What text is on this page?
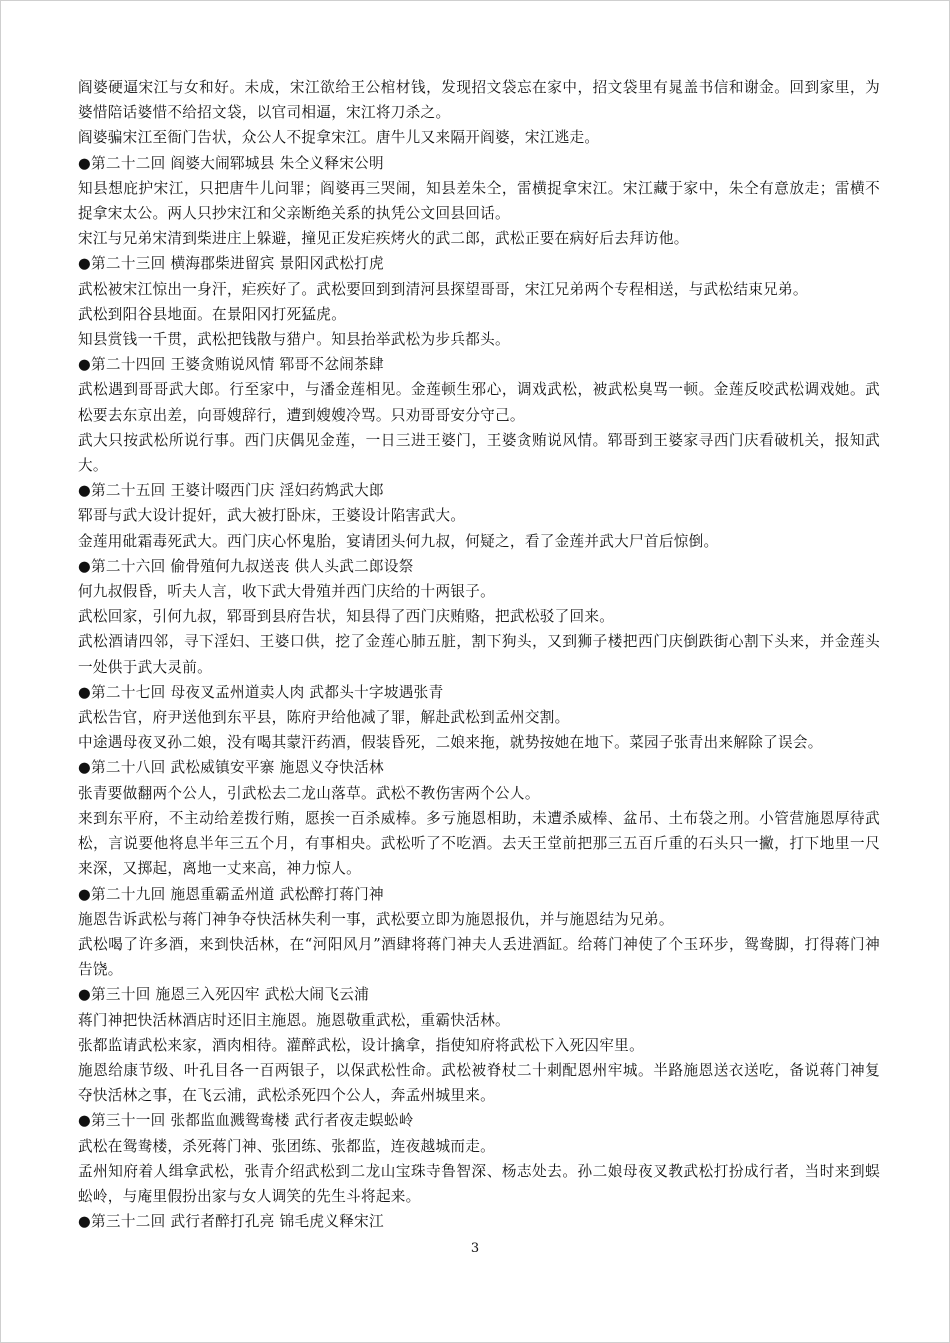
阎婆硬逼宋江与女和好。未成，宋江欲给王公棺材钱，发现招文袋忘在家中，招文袋里有晁盖书信和谢金。回到家里，为婆惜陪话婆惜不给招文袋，以官司相逼，宋江将刀杀之。

阎婆骗宋江至衙门告状，众公人不捉拿宋江。唐牛儿又来隔开阎婆，宋江逃走。

●第二十二回 阎婆大闹郓城县 朱仝义释宋公明

知县想庇护宋江，只把唐牛儿问罪；阎婆再三哭闹，知县差朱仝，雷横捉拿宋江。宋江藏于家中，朱仝有意放走；雷横不捉拿宋太公。两人只抄宋江和父亲断绝关系的执凭公文回县回话。

宋江与兄弟宋清到柴进庄上躲避，撞见正发疟疾烤火的武二郎，武松正要在病好后去拜访他。

●第二十三回 横海郡柴进留宾 景阳冈武松打虎

武松被宋江惊出一身汗，疟疾好了。武松要回到到清河县探望哥哥，宋江兄弟两个专程相送，与武松结束兄弟。

武松到阳谷县地面。在景阳冈打死猛虎。

知县赏钱一千贯，武松把钱散与猎户。知县抬举武松为步兵都头。

●第二十四回 王婆贪贿说风情 郓哥不忿闹茶肆

武松遇到哥哥武大郎。行至家中，与潘金莲相见。金莲顿生邪心，调戏武松，被武松臭骂一顿。金莲反咬武松调戏她。武松要去东京出差，向哥嫂辞行，遭到嫂嫂冷骂。只劝哥哥安分守己。

武大只按武松所说行事。西门庆偶见金莲，一日三进王婆门，王婆贪贿说风情。郓哥到王婆家寻西门庆看破机关，报知武大。

●第二十五回 王婆计啜西门庆 淫妇药鸩武大郎

郓哥与武大设计捉奸，武大被打卧床，王婆设计陷害武大。

金莲用砒霜毒死武大。西门庆心怀鬼胎，宴请团头何九叔，何疑之，看了金莲并武大尸首后惊倒。

●第二十六回 偷骨殖何九叔送丧 供人头武二郎设祭

何九叔假昏，听夫人言，收下武大骨殖并西门庆给的十两银子。

武松回家，引何九叔，郓哥到县府告状，知县得了西门庆贿赂，把武松驳了回来。

武松酒请四邻，寻下淫妇、王婆口供，挖了金莲心肺五脏，割下狗头，又到狮子楼把西门庆倒跌街心割下头来，并金莲头一处供于武大灵前。

●第二十七回 母夜叉孟州道卖人肉 武都头十字坡遇张青

武松告官，府尹送他到东平县，陈府尹给他减了罪，解赴武松到孟州交割。

中途遇母夜叉孙二娘，没有喝其蒙汗药酒，假装昏死，二娘来拖，就势按她在地下。菜园子张青出来解除了误会。

●第二十八回 武松威镇安平寨 施恩义夺快活林

张青要做翻两个公人，引武松去二龙山落草。武松不教伤害两个公人。

来到东平府，不主动给差拨行贿，愿挨一百杀威棒。多亏施恩相助，未遭杀威棒、盆吊、土布袋之刑。小管营施恩厚待武松，言说要他将息半年三五个月，有事相央。武松听了不吃酒。去天王堂前把那三五百斤重的石头只一撇，打下地里一尺来深，又掷起，离地一丈来高，神力惊人。

●第二十九回 施恩重霸孟州道 武松醉打蒋门神

施恩告诉武松与蒋门神争夺快活林失利一事，武松要立即为施恩报仇，并与施恩结为兄弟。

武松喝了许多酒，来到快活林，在“河阳风月”酒肆将蒋门神夫人丢进酒缸。给蒋门神使了个玉环步，鸳鸯脚，打得蒋门神告饶。

●第三十回 施恩三入死囚牢 武松大闹飞云浦

蒋门神把快活林酒店时还旧主施恩。施恩敬重武松，重霸快活林。

张都监请武松来家，酒肉相待。灌醉武松，设计擒拿，指使知府将武松下入死囚牢里。

施恩给康节级、叶孔目各一百两银子，以保武松性命。武松被脊杖二十刺配恩州牢城。半路施恩送衣送吃，备说蒋门神复夺快活林之事，在飞云浦，武松杀死四个公人，奔孟州城里来。

●第三十一回 张都监血溅鸳鸯楼 武行者夜走蜈蚣岭

武松在鸳鸯楼，杀死蒋门神、张团练、张都监，连夜越城而走。

孟州知府着人缉拿武松，张青介绍武松到二龙山宝珠寺鲁智深、杨志处去。孙二娘母夜叉教武松打扮成行者，当时来到蜈蚣岭，与庵里假扮出家与女人调笑的先生斗将起来。

●第三十二回 武行者醉打孔亮 锦毛虎义释宋江

3
